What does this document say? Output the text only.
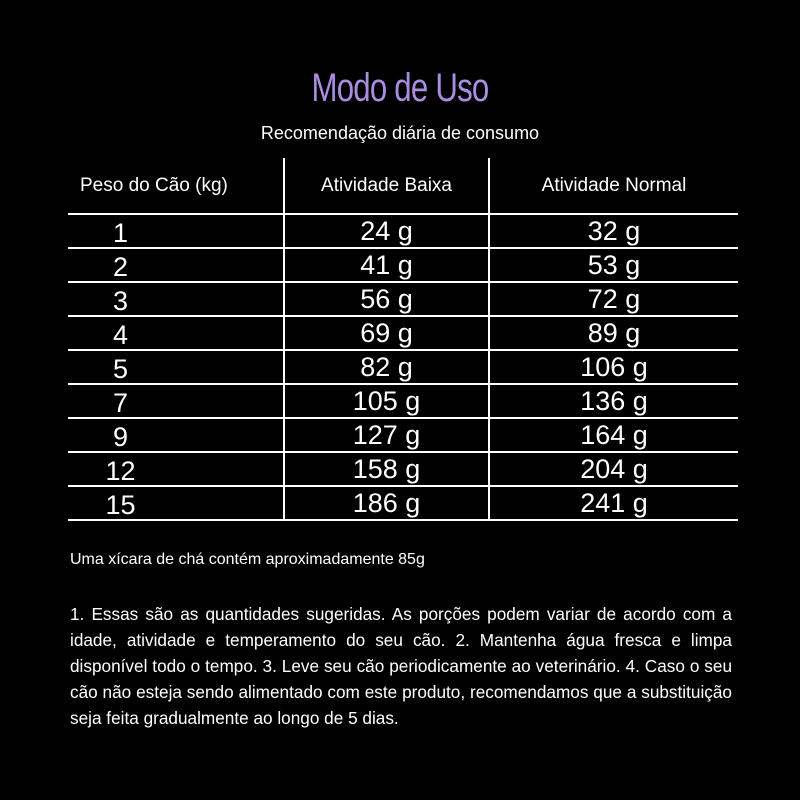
Modo de Uso
Recomendação diária de consumo
Peso do Cão (kg)	Atividade Baixa	Atividade Normal
1	24 g	32 g
2	41 g	53 g
3	56 g	72 g
4	69 g	89 g
5	82 g	106 g
7	105 g	136 g
9	127 g	164 g
12	158 g	204 g
15	186 g	241 g
Uma xícara de chá contém aproximadamente 85g
1. Essas são as quantidades sugeridas. As porções podem variar de acordo com a idade, atividade e temperamento do seu cão. 2. Mantenha água fresca e limpa disponível todo o tempo. 3. Leve seu cão periodicamente ao veterinário. 4. Caso o seu cão não esteja sendo alimentado com este produto, recomendamos que a substituição seja feita gradualmente ao longo de 5 dias.
